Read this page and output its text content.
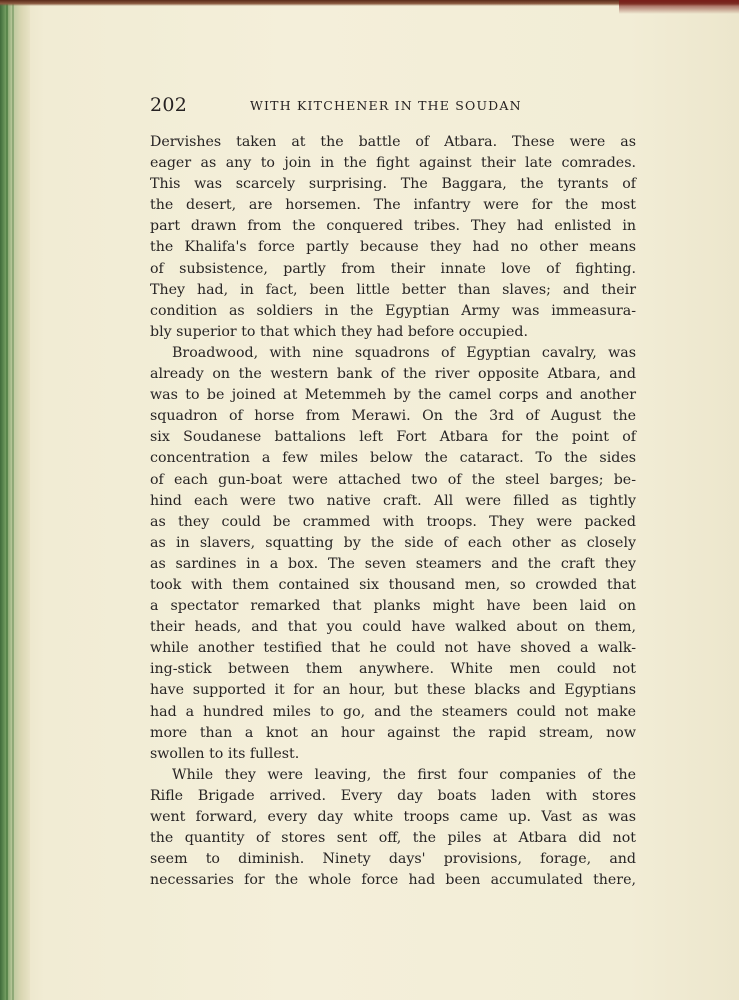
202	WITH KITCHENER IN THE SOUDAN
Dervishes taken at the battle of Atbara. These were as
eager as any to join in the fight against their late comrades.
This was scarcely surprising. The Baggara, the tyrants of
the desert, are horsemen. The infantry were for the most
part drawn from the conquered tribes. They had enlisted in
the Khalifa's force partly because they had no other means
of subsistence, partly from their innate love of fighting.
They had, in fact, been little better than slaves; and their
condition as soldiers in the Egyptian Army was immeasura-
bly superior to that which they had before occupied.
Broadwood, with nine squadrons of Egyptian cavalry, was
already on the western bank of the river opposite Atbara, and
was to be joined at Metemmeh by the camel corps and another
squadron of horse from Merawi. On the 3rd of August the
six Soudanese battalions left Fort Atbara for the point of
concentration a few miles below the cataract. To the sides
of each gun-boat were attached two of the steel barges; be-
hind each were two native craft. All were filled as tightly
as they could be crammed with troops. They were packed
as in slavers, squatting by the side of each other as closely
as sardines in a box. The seven steamers and the craft they
took with them contained six thousand men, so crowded that
a spectator remarked that planks might have been laid on
their heads, and that you could have walked about on them,
while another testified that he could not have shoved a walk-
ing-stick between them anywhere. White men could not
have supported it for an hour, but these blacks and Egyptians
had a hundred miles to go, and the steamers could not make
more than a knot an hour against the rapid stream, now
swollen to its fullest.
While they were leaving, the first four companies of the
Rifle Brigade arrived. Every day boats laden with stores
went forward, every day white troops came up. Vast as was
the quantity of stores sent off, the piles at Atbara did not
seem to diminish. Ninety days' provisions, forage, and
necessaries for the whole force had been accumulated there,
